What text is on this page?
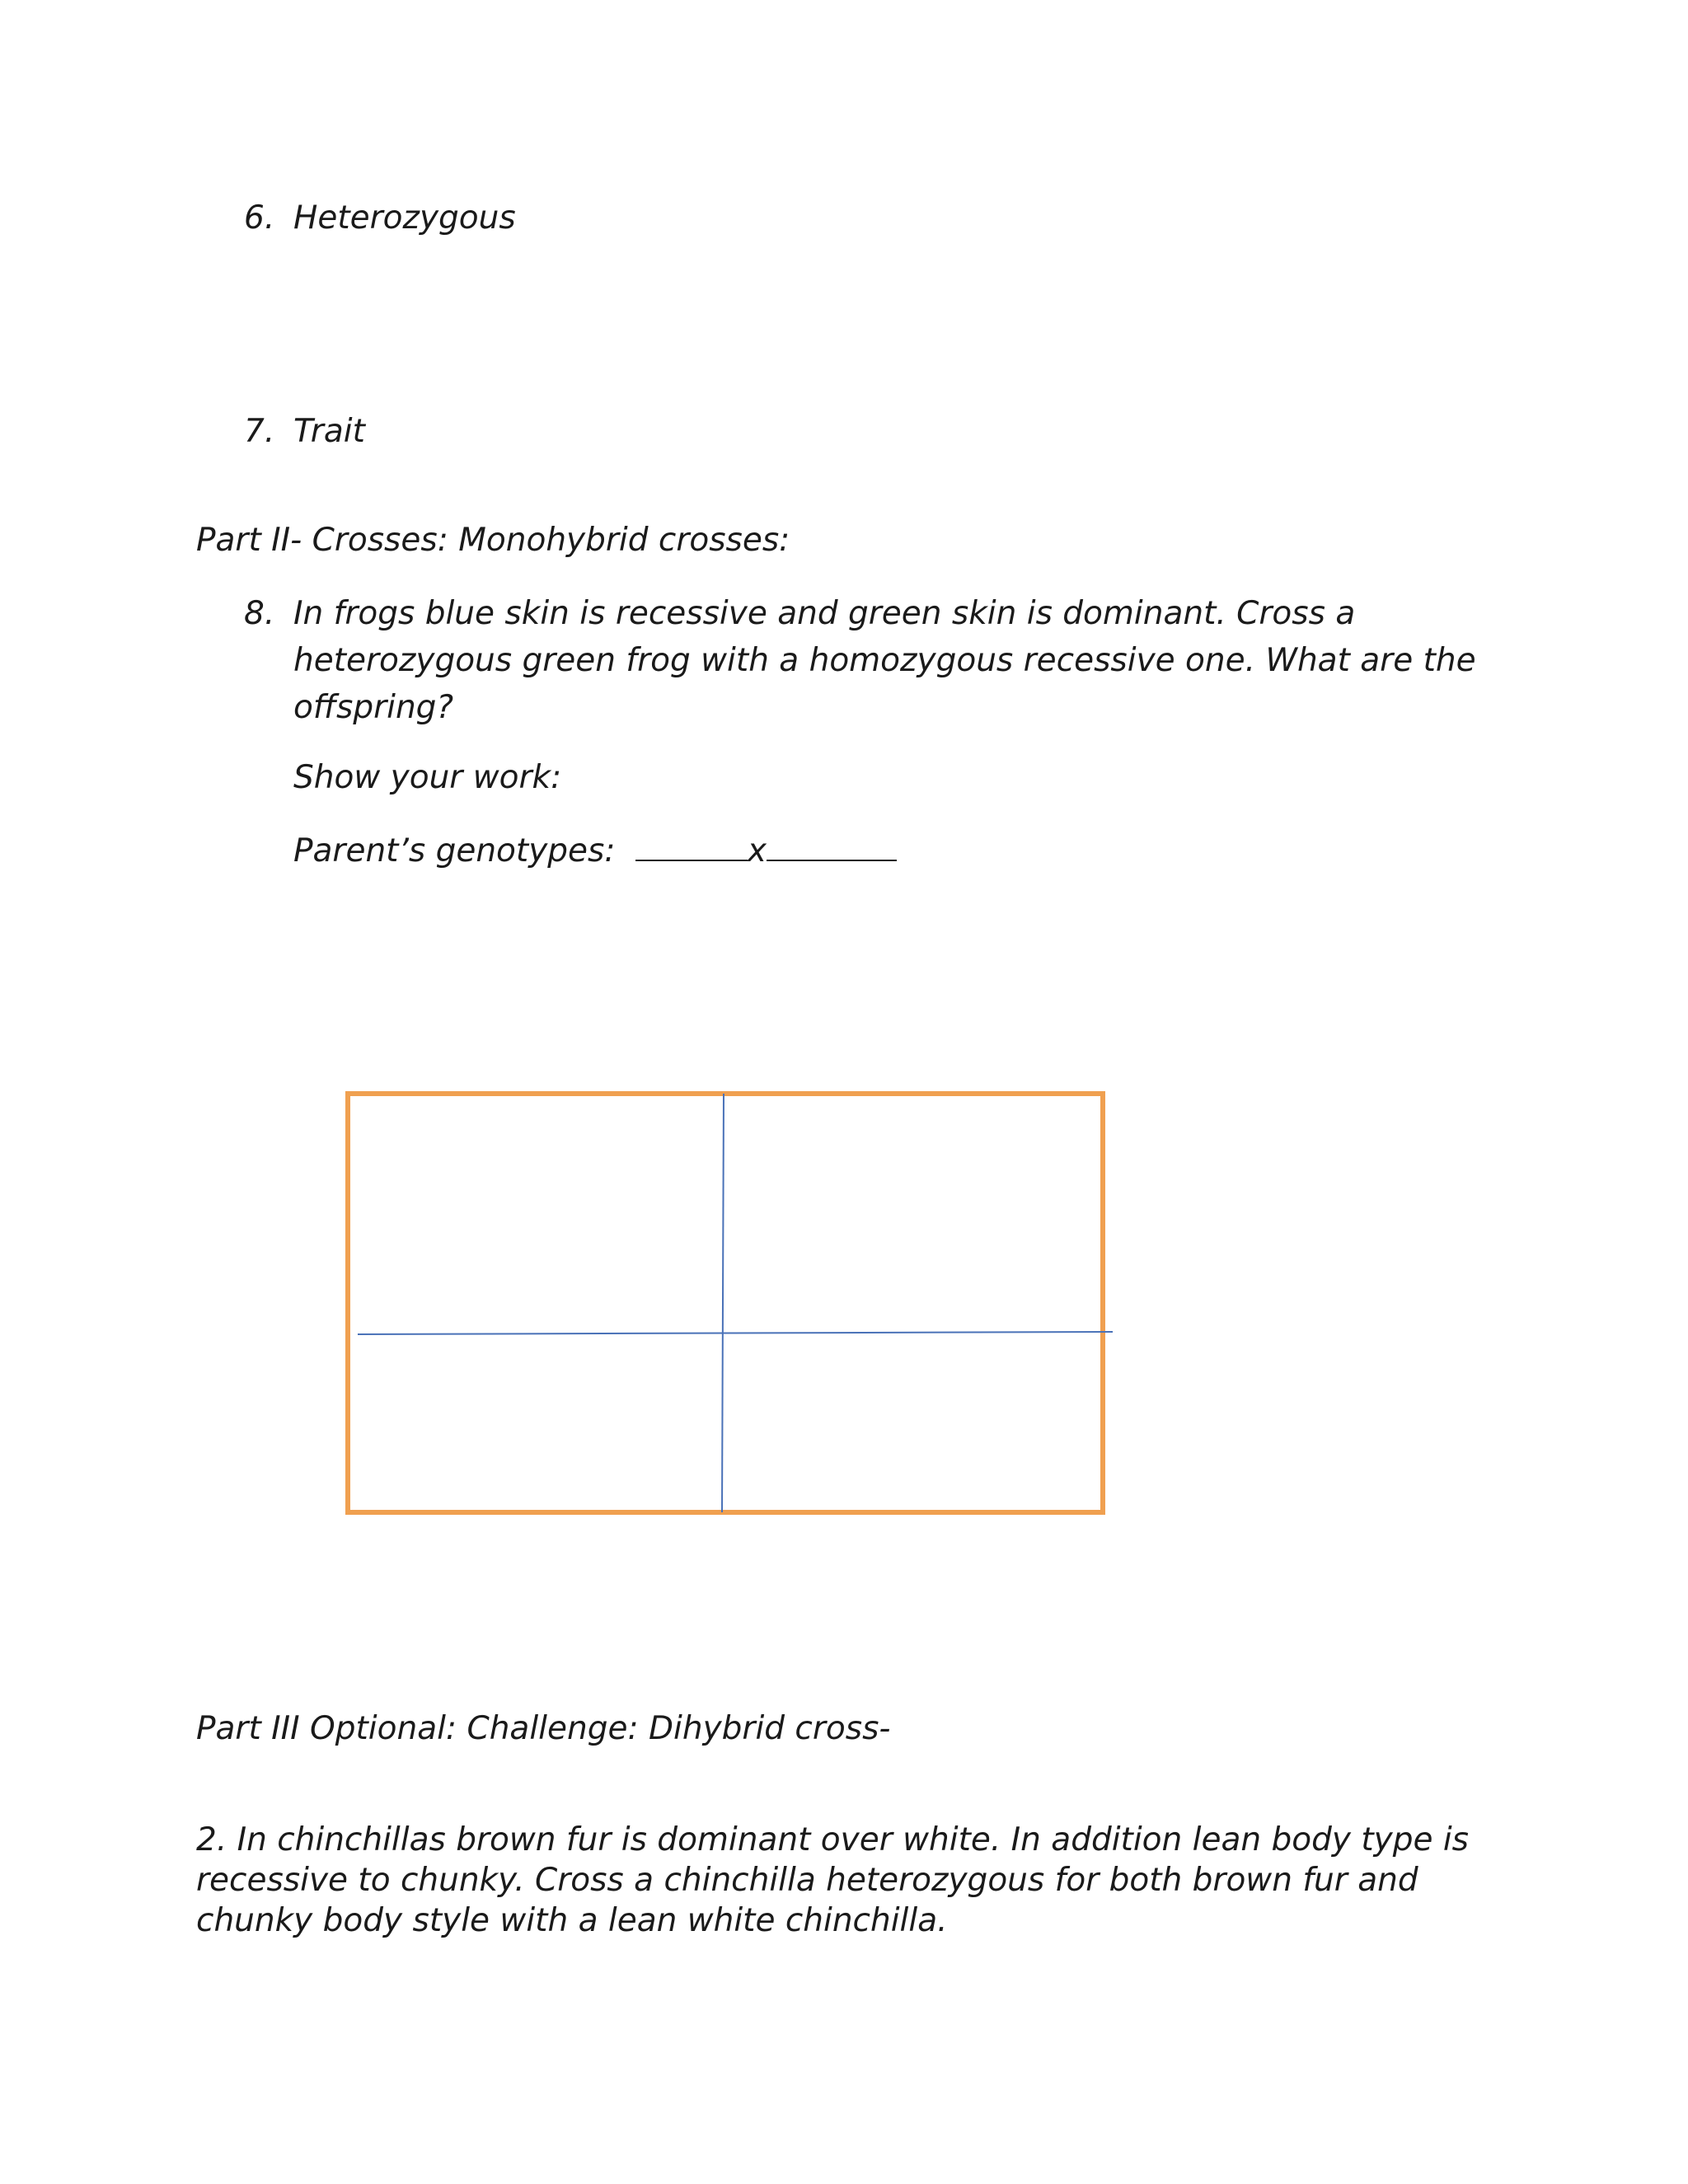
6. Heterozygous
7. Trait

Part II- Crosses: Monohybrid crosses:

8. In frogs blue skin is recessive and green skin is dominant. Cross a
heterozygous green frog with a homozygous recessive one. What are the
offspring?

Show your work:

Parent’s genotypes:	x

Part III Optional: Challenge: Dihybrid cross-

2. In chinchillas brown fur is dominant over white. In addition lean body type is
recessive to chunky. Cross a chinchilla heterozygous for both brown fur and
chunky body style with a lean white chinchilla.
